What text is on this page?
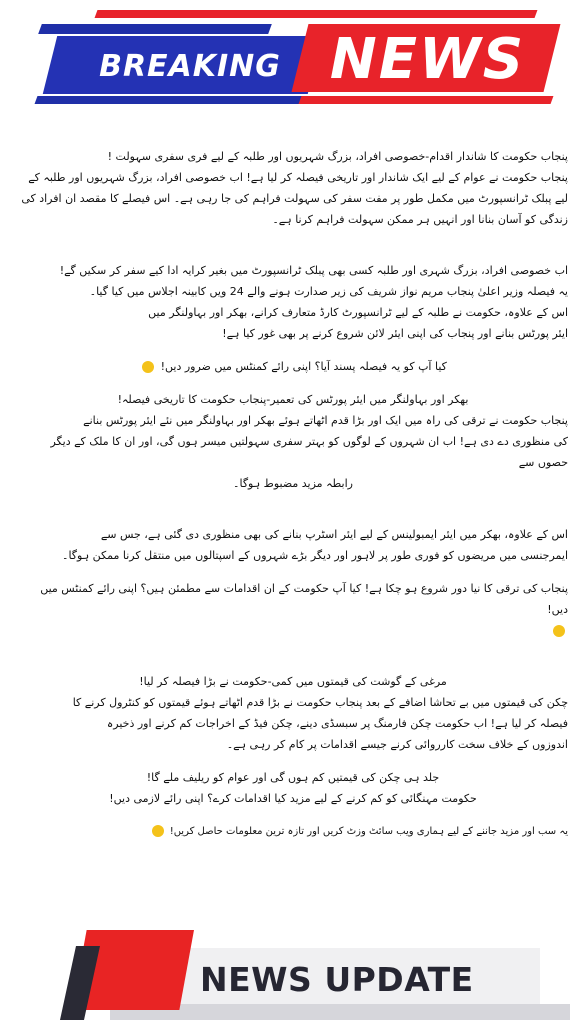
BREAKING NEWS

پنجاب حکومت کا شاندار اقدام-خصوصی افراد، بزرگ شہریوں اور طلبہ کے لیے فری سفری سہولت !
پنجاب حکومت نے عوام کے لیے ایک شاندار اور تاریخی فیصلہ کر لیا ہے! اب خصوصی افراد، بزرگ شہریوں اور طلبہ کے
لیے پبلک ٹرانسپورٹ میں مکمل طور پر مفت سفر کی سہولت فراہم کی جا رہی ہے۔ اس فیصلے کا مقصد ان افراد کی
زندگی کو آسان بنانا اور انہیں ہر ممکن سہولت فراہم کرنا ہے۔

اب خصوصی افراد، بزرگ شہری اور طلبہ کسی بھی پبلک ٹرانسپورٹ میں بغیر کرایہ ادا کیے سفر کر سکیں گے!
یہ فیصلہ وزیر اعلیٰ پنجاب مریم نواز شریف کی زیر صدارت ہونے والے 24 ویں کابینہ اجلاس میں کیا گیا۔
اس کے علاوہ، حکومت نے طلبہ کے لیے ٹرانسپورٹ کارڈ متعارف کرانے، بھکر اور بہاولنگر میں
ایئر پورٹس بنانے اور پنجاب کی اپنی ایئر لائن شروع کرنے پر بھی غور کیا ہے!

کیا آپ کو یہ فیصلہ پسند آیا؟ اپنی رائے کمنٹس میں ضرور دیں!

بھکر اور بہاولنگر میں ایئر پورٹس کی تعمیر-پنجاب حکومت کا تاریخی فیصلہ!
پنجاب حکومت نے ترقی کی راہ میں ایک اور بڑا قدم اٹھاتے ہوئے بھکر اور بہاولنگر میں نئے ایئر پورٹس بنانے
کی منظوری دے دی ہے! اب ان شہروں کے لوگوں کو بہتر سفری سہولتیں میسر ہوں گی، اور ان کا ملک کے دیگر حصوں سے

رابطہ مزید مضبوط ہوگا۔

اس کے علاوہ، بھکر میں ایئر ایمبولینس کے لیے ایئر اسٹرپ بنانے کی بھی منظوری دی گئی ہے، جس سے
ایمرجنسی میں مریضوں کو فوری طور پر لاہور اور دیگر بڑے شہروں کے اسپتالوں میں منتقل کرنا ممکن ہوگا۔

پنجاب کی ترقی کا نیا دور شروع ہو چکا ہے! کیا آپ حکومت کے ان اقدامات سے مطمئن ہیں؟ اپنی رائے کمنٹس میں دیں!

مرغی کے گوشت کی قیمتوں میں کمی-حکومت نے بڑا فیصلہ کر لیا!
چکن کی قیمتوں میں بے تحاشا اضافے کے بعد پنجاب حکومت نے بڑا قدم اٹھاتے ہوئے قیمتوں کو کنٹرول کرنے کا
فیصلہ کر لیا ہے! اب حکومت چکن فارمنگ پر سبسڈی دینے، چکن فیڈ کے اخراجات کم کرنے اور ذخیرہ
اندوزوں کے خلاف سخت کارروائی کرنے جیسے اقدامات پر کام کر رہی ہے۔

جلد ہی چکن کی قیمتیں کم ہوں گی اور عوام کو ریلیف ملے گا!
حکومت مہنگائی کو کم کرنے کے لیے مزید کیا اقدامات کرے؟ اپنی رائے لازمی دیں!

یہ سب اور مزید جاننے کے لیے ہماری ویب سائٹ وزٹ کریں اور تازہ ترین معلومات حاصل کریں!

NEWS UPDATE
